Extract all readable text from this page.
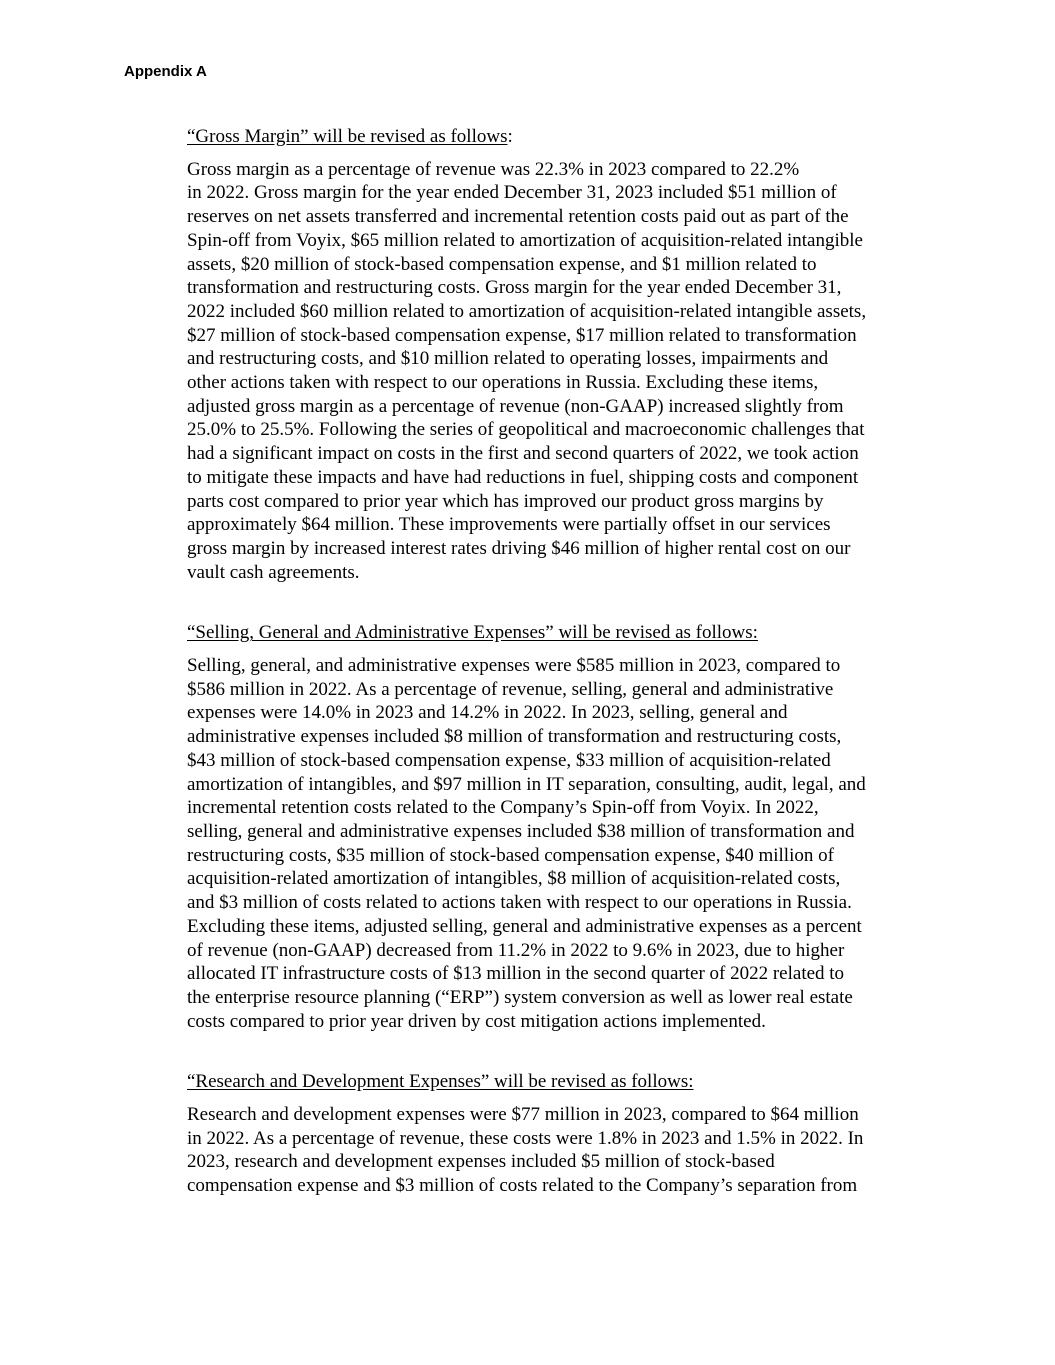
Appendix A

“Gross Margin” will be revised as follows:

Gross margin as a percentage of revenue was 22.3% in 2023 compared to 22.2%
in 2022. Gross margin for the year ended December 31, 2023 included $51 million of
reserves on net assets transferred and incremental retention costs paid out as part of the
Spin-off from Voyix, $65 million related to amortization of acquisition-related intangible
assets, $20 million of stock-based compensation expense, and $1 million related to
transformation and restructuring costs. Gross margin for the year ended December 31,
2022 included $60 million related to amortization of acquisition-related intangible assets,
$27 million of stock-based compensation expense, $17 million related to transformation
and restructuring costs, and $10 million related to operating losses, impairments and
other actions taken with respect to our operations in Russia. Excluding these items,
adjusted gross margin as a percentage of revenue (non-GAAP) increased slightly from
25.0% to 25.5%. Following the series of geopolitical and macroeconomic challenges that
had a significant impact on costs in the first and second quarters of 2022, we took action
to mitigate these impacts and have had reductions in fuel, shipping costs and component
parts cost compared to prior year which has improved our product gross margins by
approximately $64 million. These improvements were partially offset in our services
gross margin by increased interest rates driving $46 million of higher rental cost on our
vault cash agreements.

“Selling, General and Administrative Expenses” will be revised as follows:

Selling, general, and administrative expenses were $585 million in 2023, compared to
$586 million in 2022. As a percentage of revenue, selling, general and administrative
expenses were 14.0% in 2023 and 14.2% in 2022. In 2023, selling, general and
administrative expenses included $8 million of transformation and restructuring costs,
$43 million of stock-based compensation expense, $33 million of acquisition-related
amortization of intangibles, and $97 million in IT separation, consulting, audit, legal, and
incremental retention costs related to the Company’s Spin-off from Voyix. In 2022,
selling, general and administrative expenses included $38 million of transformation and
restructuring costs, $35 million of stock-based compensation expense, $40 million of
acquisition-related amortization of intangibles, $8 million of acquisition-related costs,
and $3 million of costs related to actions taken with respect to our operations in Russia.
Excluding these items, adjusted selling, general and administrative expenses as a percent
of revenue (non-GAAP) decreased from 11.2% in 2022 to 9.6% in 2023, due to higher
allocated IT infrastructure costs of $13 million in the second quarter of 2022 related to
the enterprise resource planning (“ERP”) system conversion as well as lower real estate
costs compared to prior year driven by cost mitigation actions implemented.

“Research and Development Expenses” will be revised as follows:

Research and development expenses were $77 million in 2023, compared to $64 million
in 2022. As a percentage of revenue, these costs were 1.8% in 2023 and 1.5% in 2022. In
2023, research and development expenses included $5 million of stock-based
compensation expense and $3 million of costs related to the Company’s separation from
